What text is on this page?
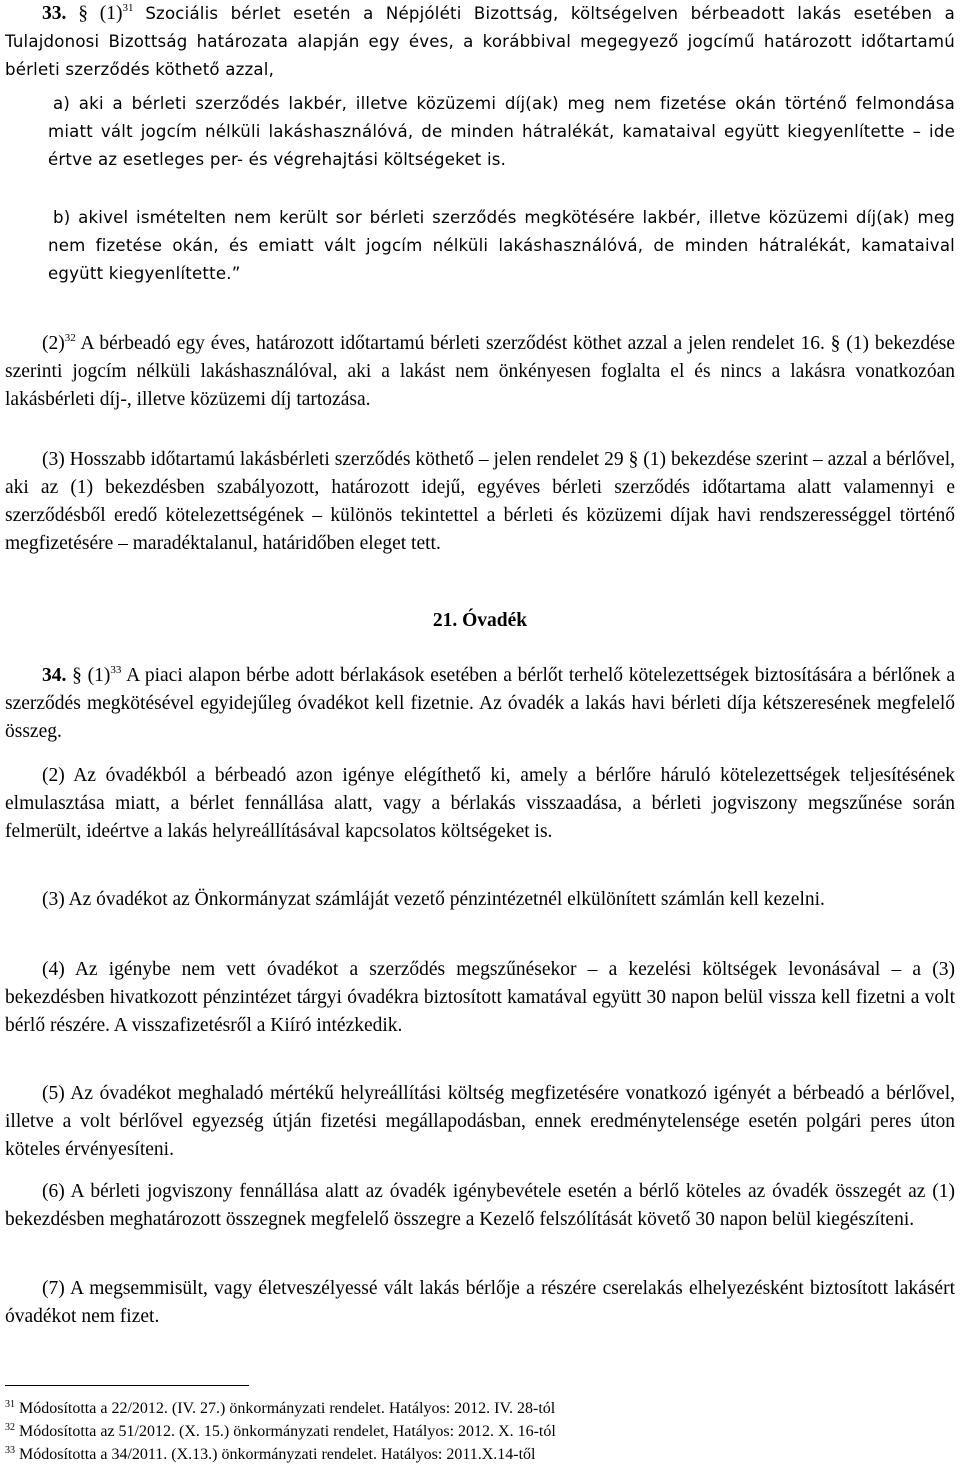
33. § $(1)^{31}$ Szociális bérlet esetén a Népjóléti Bizottság, költségelven bérbeadott lakás esetében a Tulajdonosi Bizottság határozata alapján egy éves, a korábbival megegyező jogcímű határozott időtartamú bérleti szerződés köthető azzal,

a) aki a bérleti szerződés lakbér, illetve közüzemi díj(ak) meg nem fizetése okán történő felmondása miatt vált jogcím nélküli lakáshasználóvá, de minden hátralékát, kamataival együtt kiegyenlítette – ide értve az esetleges per- és végrehajtási költségeket is.

b) akivel ismételten nem került sor bérleti szerződés megkötésére lakbér, illetve közüzemi díj(ak) meg nem fizetése okán, és emiatt vált jogcím nélküli lakáshasználóvá, de minden hátralékát, kamataival együtt kiegyenlítette.”

$(2)^{32}$ A bérbeadó egy éves, határozott időtartamú bérleti szerződést köthet azzal a jelen rendelet 16. § (1) bekezdése szerinti jogcím nélküli lakáshasználóval, aki a lakást nem önkényesen foglalta el és nincs a lakásra vonatkozóan lakásbérleti díj-, illetve közüzemi díj tartozása.

(3) Hosszabb időtartamú lakásbérleti szerződés köthető – jelen rendelet 29 § (1) bekezdése szerint – azzal a bérlővel, aki az (1) bekezdésben szabályozott, határozott idejű, egyéves bérleti szerződés időtartama alatt valamennyi e szerződésből eredő kötelezettségének – különös tekintettel a bérleti és közüzemi díjak havi rendszerességgel történő megfizetésére – maradéktalanul, határidőben eleget tett.

21. Óvadék

34. § $(1)^{33}$ A piaci alapon bérbe adott bérlakások esetében a bérlőt terhelő kötelezettségek biztosítására a bérlőnek a szerződés megkötésével egyidejűleg óvadékot kell fizetnie. Az óvadék a lakás havi bérleti díja kétszeresének megfelelő összeg.

(2) Az óvadékból a bérbeadó azon igénye elégíthető ki, amely a bérlőre háruló kötelezettségek teljesítésének elmulasztása miatt, a bérlet fennállása alatt, vagy a bérlakás visszaadása, a bérleti jogviszony megszűnése során felmerült, ideértve a lakás helyreállításával kapcsolatos költségeket is.

(3) Az óvadékot az Önkormányzat számláját vezető pénzintézetnél elkülönített számlán kell kezelni.

(4) Az igénybe nem vett óvadékot a szerződés megszűnésekor – a kezelési költségek levonásával – a (3) bekezdésben hivatkozott pénzintézet tárgyi óvadékra biztosított kamatával együtt 30 napon belül vissza kell fizetni a volt bérlő részére. A visszafizetésről a Kiíró intézkedik.

(5) Az óvadékot meghaladó mértékű helyreállítási költség megfizetésére vonatkozó igényét a bérbeadó a bérlővel, illetve a volt bérlővel egyezség útján fizetési megállapodásban, ennek eredménytelensége esetén polgári peres úton köteles érvényesíteni.

(6) A bérleti jogviszony fennállása alatt az óvadék igénybevétele esetén a bérlő köteles az óvadék összegét az (1) bekezdésben meghatározott összegnek megfelelő összegre a Kezelő felszólítását követő 30 napon belül kiegészíteni.

(7) A megsemmisült, vagy életveszélyessé vált lakás bérlője a részére cserelakás elhelyezésként biztosított lakásért óvadékot nem fizet.

$^{31}$ Módosította a 22/2012. (IV. 27.) önkormányzati rendelet. Hatályos: 2012. IV. 28-tól
$^{32}$ Módosította az 51/2012. (X. 15.) önkormányzati rendelet, Hatályos: 2012. X. 16-tól
$^{33}$ Módosította a 34/2011. (X.13.) önkormányzati rendelet. Hatályos: 2011.X.14-től
